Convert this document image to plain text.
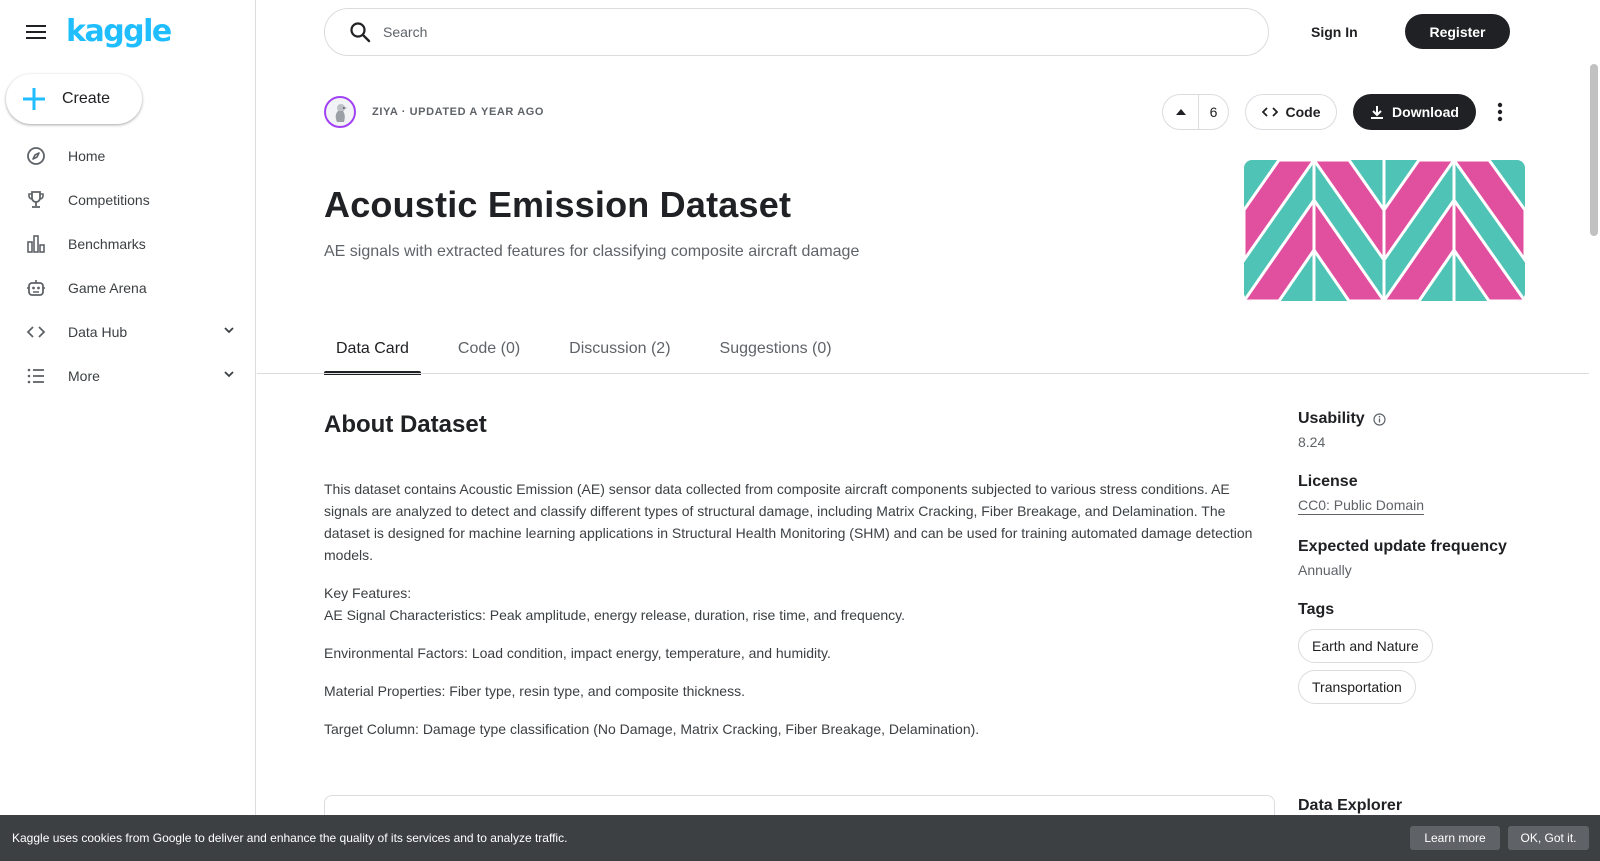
kaggle
Create
Home
Competitions
Benchmarks
Game Arena
Data Hub
More
Search	Sign In	Register
ZIYA · UPDATED A YEAR AGO	6	Code	Download
Acoustic Emission Dataset
AE signals with extracted features for classifying composite aircraft damage
Data Card	Code (0)	Discussion (2)	Suggestions (0)
About Dataset

This dataset contains Acoustic Emission (AE) sensor data collected from composite aircraft components subjected to various stress conditions. AE signals are analyzed to detect and classify different types of structural damage, including Matrix Cracking, Fiber Breakage, and Delamination. The dataset is designed for machine learning applications in Structural Health Monitoring (SHM) and can be used for training automated damage detection models.

Key Features:

AE Signal Characteristics: Peak amplitude, energy release, duration, rise time, and frequency.

Environmental Factors: Load condition, impact energy, temperature, and humidity.

Material Properties: Fiber type, resin type, and composite thickness.

Target Column: Damage type classification (No Damage, Matrix Cracking, Fiber Breakage, Delamination).

Usability
8.24
License
CC0: Public Domain
Expected update frequency
Annually
Tags
Earth and Nature
Transportation
Data Explorer
Kaggle uses cookies from Google to deliver and enhance the quality of its services and to analyze traffic.	Learn more	OK, Got it.
